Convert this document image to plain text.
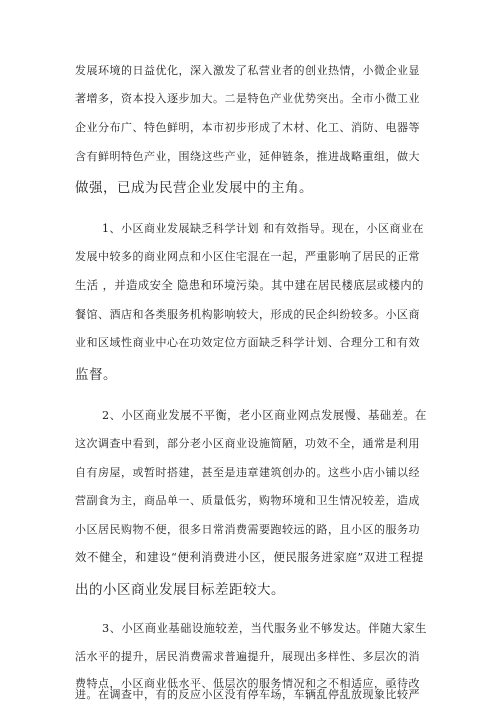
发展环境的日益优化，深入激发了私营业者的创业热情，小微企业显
著增多，资本投入逐步加大。二是特色产业优势突出。全市小微工业
企业分布广、特色鲜明，本市初步形成了木材、化工、消防、电器等
含有鲜明特色产业，围绕这些产业，延伸链条，推进战略重组，做大
做强，已成为民营企业发展中的主角。
1、小区商业发展缺乏科学计划 和有效指导。现在，小区商业在
发展中较多的商业网点和小区住宅混在一起，严重影响了居民的正常
生活 ，并造成安全 隐患和环境污染。其中建在居民楼底层或楼内的
餐馆、酒店和各类服务机构影响较大，形成的民企纠纷较多。小区商
业和区域性商业中心在功效定位方面缺乏科学计划、合理分工和有效
监督。
2、小区商业发展不平衡，老小区商业网点发展慢、基础差。在
这次调查中看到，部分老小区商业设施简陋，功效不全，通常是利用
自有房屋，或暂时搭建，甚至是违章建筑创办的。这些小店小铺以经
营副食为主，商品单一、质量低劣，购物环境和卫生情况较差，造成
小区居民购物不便，很多日常消费需要跑较远的路，且小区的服务功
效不健全，和建设“便利消费进小区，便民服务进家庭”双进工程提
出的小区商业发展目标差距较大。
3、小区商业基础设施较差，当代服务业不够发达。伴随大家生
活水平的提升，居民消费需求普遍提升，展现出多样性、多层次的消
费特点，小区商业低水平、低层次的服务情况和之不相适应，亟待改
进。在调查中，有的反应小区没有停车场，车辆乱停乱放现象比较严
